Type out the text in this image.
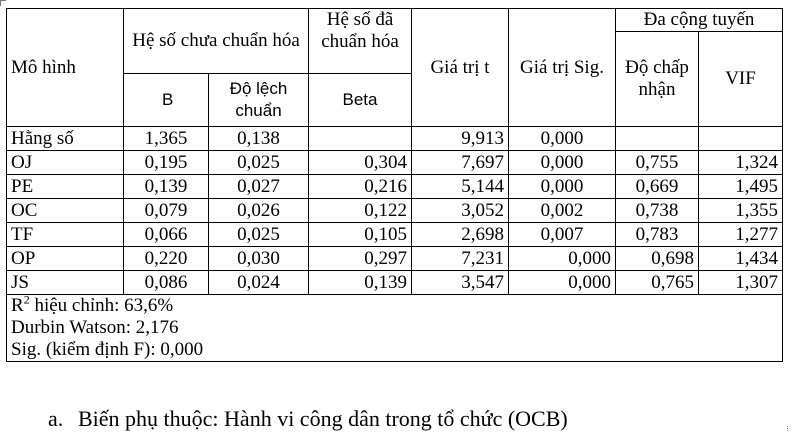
Mô hình	Hệ số chưa chuẩn hóa		Hệ số đã chuẩn hóa	Giá trị t	Giá trị Sig.	Đa cộng tuyến	
						Độ chấp nhận	VIF
	B	Độ lệch chuẩn	Beta				
Hằng số	1,365	0,138		9,913	0,000		
OJ	0,195	0,025	0,304	7,697	0,000	0,755	1,324
PE	0,139	0,027	0,216	5,144	0,000	0,669	1,495
OC	0,079	0,026	0,122	3,052	0,002	0,738	1,355
TF	0,066	0,025	0,105	2,698	0,007	0,783	1,277
OP	0,220	0,030	0,297	7,231	0,000	0,698	1,434
JS	0,086	0,024	0,139	3,547	0,000	0,765	1,307

$R^2$ hiệu chỉnh: 63,6%
Durbin Watson: 2,176
Sig. (kiểm định F): 0,000							
a. Biến phụ thuộc: Hành vi công dân trong tổ chức (OCB)
